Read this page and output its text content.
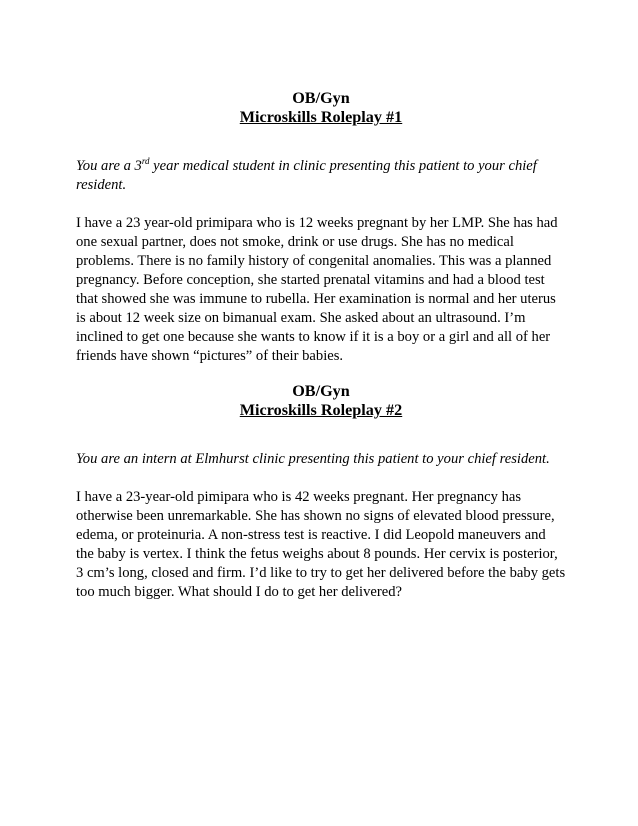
OB/Gyn

Microskills Roleplay #1

You are a 3rd year medical student in clinic presenting this patient to your chief resident.

I have a 23 year-old primipara who is 12 weeks pregnant by her LMP. She has had one sexual partner, does not smoke, drink or use drugs. She has no medical problems. There is no family history of congenital anomalies. This was a planned pregnancy. Before conception, she started prenatal vitamins and had a blood test that showed she was immune to rubella. Her examination is normal and her uterus is about 12 week size on bimanual exam. She asked about an ultrasound. I’m inclined to get one because she wants to know if it is a boy or a girl and all of her friends have shown “pictures” of their babies.

OB/Gyn

Microskills Roleplay #2

You are an intern at Elmhurst clinic presenting this patient to your chief resident.

I have a 23-year-old pimipara who is 42 weeks pregnant. Her pregnancy has otherwise been unremarkable. She has shown no signs of elevated blood pressure, edema, or proteinuria. A non-stress test is reactive. I did Leopold maneuvers and the baby is vertex. I think the fetus weighs about 8 pounds. Her cervix is posterior, 3 cm’s long, closed and firm. I’d like to try to get her delivered before the baby gets too much bigger. What should I do to get her delivered?
